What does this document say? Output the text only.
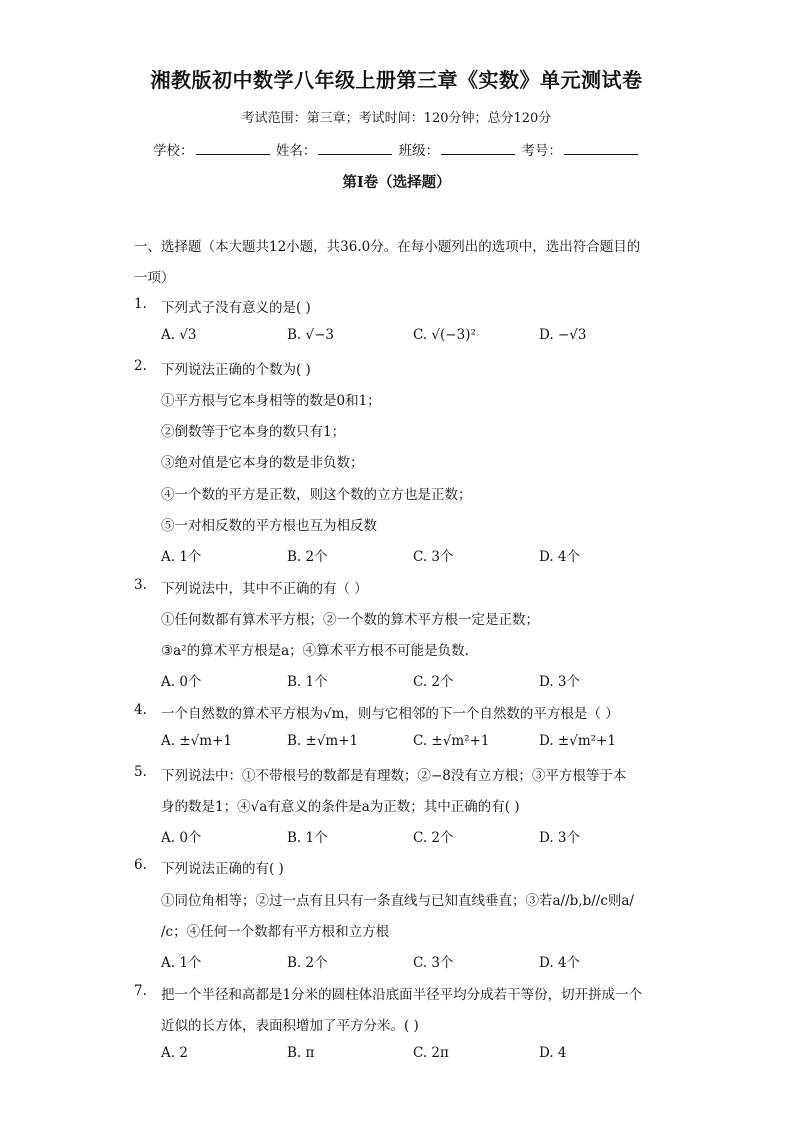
湘教版初中数学八年级上册第三章《实数》单元测试卷
考试范围：第三章；考试时间：120分钟；总分120分
学校：	姓名：	班级：	考号：
第I卷（选择题）
一、选择题（本大题共12小题，共36.0分。在每小题列出的选项中，选出符合题目的
一项）
1.	下列式子没有意义的是( )
A. √3	B. √−3	C. √(−3)²	D. −√3
2.	下列说法正确的个数为( )
①平方根与它本身相等的数是0和1；
②倒数等于它本身的数只有1；
③绝对值是它本身的数是非负数；
④一个数的平方是正数，则这个数的立方也是正数；
⑤一对相反数的平方根也互为相反数
A. 1个	B. 2个	C. 3个	D. 4个
3.	下列说法中，其中不正确的有（ ）
①任何数都有算术平方根；②一个数的算术平方根一定是正数；
③a²的算术平方根是a；④算术平方根不可能是负数.
A. 0个	B. 1个	C. 2个	D. 3个
4.	一个自然数的算术平方根为√m，则与它相邻的下一个自然数的平方根是（ ）
A. ±√m+1	B. ±√m+1	C. ±√m²+1	D. ±√m²+1
5.	下列说法中：①不带根号的数都是有理数；②−8没有立方根；③平方根等于本
身的数是1；④√a有意义的条件是a为正数；其中正确的有( )
A. 0个	B. 1个	C. 2个	D. 3个
6.	下列说法正确的有( )
①同位角相等；②过一点有且只有一条直线与已知直线垂直；③若a//b,b//c则a/
/c；④任何一个数都有平方根和立方根
A. 1个	B. 2个	C. 3个	D. 4个
7.	把一个半径和高都是1分米的圆柱体沿底面半径平均分成若干等份，切开拼成一个
近似的长方体，表面积增加了平方分米。( )
A. 2	B. π	C. 2π	D. 4
